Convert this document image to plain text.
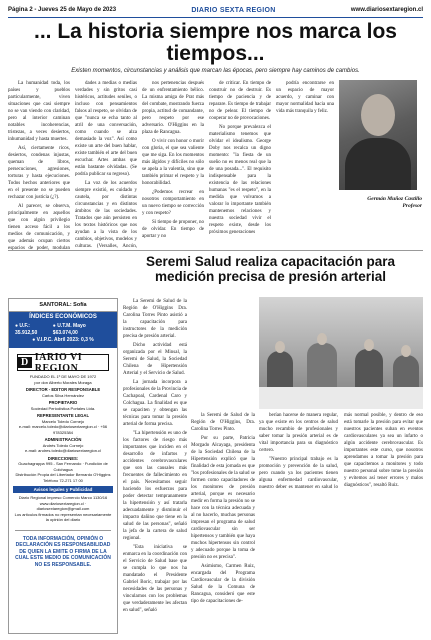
Página 2 - Jueves 25 de Mayo de 2023	DIARIO SEXTA REGION	www.diariosextaregion.cl
... La historia siempre nos marca los tiempos...
Existen momentos, circunstancias y análisis que marcan las épocas, pero siempre hay caminos de cambios.

La humanidad toda, los países y pueblos particularmente, viven situaciones que casi siempre no se van viendo con claridad, pero al interior caminan notables incoherencias, tristezas, a veces desiertos, inhumanidad y hasta muertes.

Así, ciertamente ricos, desiertos, condenas injustas, queman de libros, persecuciones, agresiones, torturas y hasta ejecuciones. Todos hechos anteriores que en el presente no se pueden rechazar con justicia (¿?).

Al parecer, se observa, principalmente en aquellos que con algún privilegio tienen acceso fácil a los medios de comunicación, y que además ocupan ciertos espacios de poder, modulan

dades a medias o medias verdades y sin gritos casi histéricos, actitudes seniles, o incluso con pensamientos falsos al respeto, se olvidan de que "nunca se echa tanto al atril de una conversación, como cuando se alza demasiado la voz". Así como existe un arte del buen hablar, existe también el arte del buen escuchar. Artes ambas que están bastante olvidadas. (Se podría publicar su regreso).

La voz de los acuerdos siempre existió, es cuidado y cautela, por distintas circunstancias y en distintos ámbitos de las sociedades. Tratados que aún persisten en los textos históricos que nos ayudan a la vista de los cambios, objetivos, modelos y culturas. (Versalles, Ancón,

nos pertenencias después de un enfrentamiento bélico. La misma amiga de Prat más del combate, mostrando fuerza propia, actitud de comandante, pero respeto por ese adversario. O'Higgins en la plaza de Rancagua.

O vivir con honor o morir con gloria, el que sea valiente que me siga. En los momentos más álgidos y difíciles no sólo se apela a la valentía, sino que también primar el respeto y la honorabilidad.

¿Podemos recrear en nosotros comportamiento en un nuevo tiempo se corrección y con respeto?

Si tiempo de proponer, no de olvidar. En tiempo de aportar y no

de criticar. En tiempo de construir no de destruir. Es tiempo de paciencia y de reparare. Es tiempo de trabajar no de pelear. El tiempo de cooperar no de provocaciones.

No porque prevalezca el materialismo tenemos que olvidar el idealismo. George Doby nos recalca un digno momento: "la fiesta de un sueño no es menos real que la de una posada...". El requisito indispensable para la existencia de las relaciones humanas "es el respeto", en la medida que volvamos a valorar lo importante también mantenemos relaciones y nuestra sociedad vivir el respeto existe, desde los próximos generaciones

podría encontrarse en un espacio de mayor acuerdo, y caminar con mayor normalidad hacia una vida más tranquila y feliz.

Germán Muñoz Castillo
Profesor
Seremi Salud realiza capacitación para medición precisa de presión arterial
SANTORAL: Sofía
ÍNDICES ECONÓMICOS
● U.F.: 35.912,50
● U.T.M. Mayo $63.074,00
● V.I.P.C. Abril 2023: 0,3 %
D IARIO VI REGION
FUNDADO EL 1º DE MAYO DE 1972
por don Alberto Morales Moraga
DIRECTOR - EDITOR RESPONSABLE
Carlos Silva Hernández
PROPIETARIO
Sociedad Periodística Portales Ltda.
REPRESENTANTE LEGAL
Marcelo Toledo Cornejo
e-mail: marcelo.toledo@diariosextaregion.cl · +56 978325384
ADMINISTRACIÓN
Andrés Toledo Cornejo
e-mail: andres.toledo@diariosextaregion.cl
DIRECCIONES:
Guachagrappa 995 - San Fernando · Fundición de Colchagua
Distribución Propia del Libertador Bernardo O'Higgins
Teléfono 72-271 17 00
Avisos legales y Publicidad
Diario Regional impreso Comercio Marco 1130/16
www.diariosextaregion.cl · diariosextaregion@gmail.com
Los artículos firmados no representan necesariamente la opinión del diario
TODA INFORMACIÓN, OPINIÓN O DECLARACIÓN ES RESPONSABILIDAD DE QUIEN LA EMITE O FIRMA DE LA CUAL ESTE MEDIO DE COMUNICACIÓN NO ES RESPONSABLE.

La Seremi de Salud de la Región de O'Higgins Dra. Carolina Torres Pinto asistió a la capacitación para instructores de la medición precisa de presión arterial.

Dicho actividad está organizada por el Minsal, la Seremi de Salud, la Sociedad Chilena de Hipertensión Arterial y el Servicio de Salud.

La jornada incorpora a profesionales de la Provincia de Cachapoal, Cardenal Caro y Colchagua. La finalidad es que se capaciten y obtengan las técnicas para tomar la presión arterial de forma precisa.

"La hipertensión es uno de los factores de riesgo más importantes que inciden en el desarrollo de infartos y accidentes cerebrovasculares que son las causales más frecuentes de fallecimiento en el país. Necesitamos seguir haciendo los esfuerzos para poder detectar tempranamente la hipertensión y así tratarla adecuadamente y disminuir el impacto dañino que tiene en la salud de las personas", señaló la jefa de la cartera de salud regional.

"Esta iniciativa se enmarca en la coordinación con el Servicio de Salud base que se cumpla lo que nos ha mandatado el Presidente Gabriel Boric, trabajar por las necesidades de las personas y vincularnos con los problemas que verdaderamente les afectan en salud", señaló

la Seremi de Salud de la Región de O'Higgins, Dra. Carolina Torres Pinto.

Por su parte, Patricia Morgado Alcayaga, presidenta de la Sociedad Chilena de la Hipertensión explicó que la finalidad de esta jornada es que "los profesionales de la salud se formen como capacitadores de los monitores de presión arterial, porque es necesario medir en forma la presión no se hace con la técnica adecuada y al no hacerlo, muchas personas impresan el programa de salud cardiovascular sin ser hipertensos y también que haya muchos hipertensos sin control y adecuado porque la toma de presión no es precisa".

Asimismo, Carmen Ruiz, encargada del Programa Cardiovascular de la división Salud de la Comuna de Rancagua, consideró que este tipo de capacitaciones de-

berían hacerse de manera regular, ya que existe en los centros de salud mucho recambio de profesionales y saber tomar la presión arterial es de vital importancia para su diagnóstico certero.

"Nuestro principal trabajo es la promoción y prevención de la salud, pero cuando ya los pacientes tienen alguna enfermedad cardiovascular, nuestro deber es mantener en salud lo más normal posible, y dentro de eso está tomarle la presión para evitar que nuestros pacientes suban en eventos cardiovasculares ya sea un infarto o algún accidente cerebrovascular. Es importantes este curso, que nosotros aprendamos a tomar la presión para que capacitemos a monitores y todo nuestro personal sobre tome la presión y evitemos así tener errores y malos diagnósticos", resaltó Ruiz.
